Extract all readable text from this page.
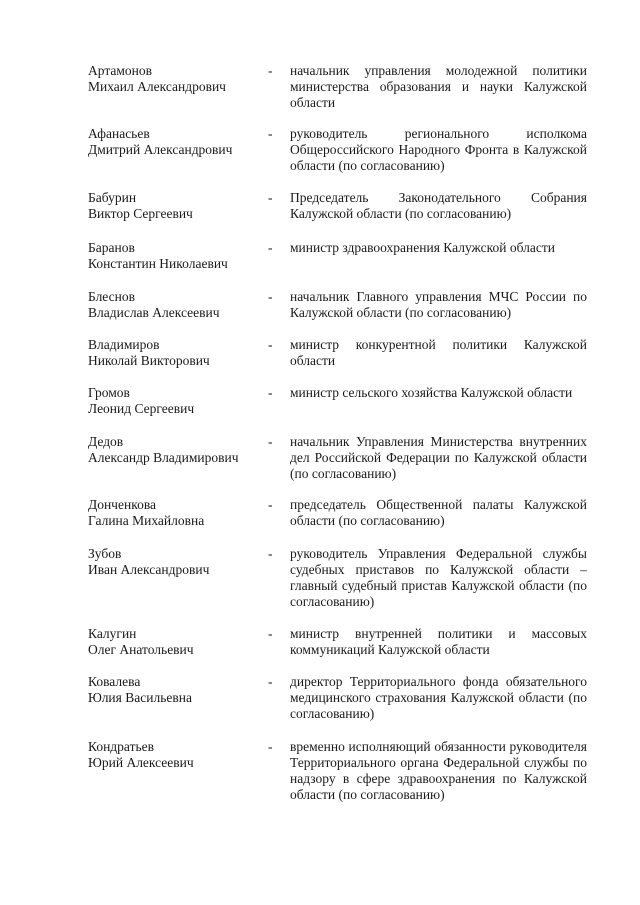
Артамонов
Михаил Александрович
- начальник управления молодежной политики министерства образования и науки Калужской области
Афанасьев
Дмитрий Александрович
- руководитель регионального исполкома Общероссийского Народного Фронта в Калужской области (по согласованию)
Бабурин
Виктор Сергеевич
- Председатель Законодательного Собрания Калужской области (по согласованию)
Баранов
Константин Николаевич
- министр здравоохранения Калужской области
Блеснов
Владислав Алексеевич
- начальник Главного управления МЧС России по Калужской области (по согласованию)
Владимиров
Николай Викторович
- министр конкурентной политики Калужской области
Громов
Леонид Сергеевич
- министр сельского хозяйства Калужской области
Дедов
Александр Владимирович
- начальник Управления Министерства внутренних дел Российской Федерации по Калужской области (по согласованию)
Донченкова
Галина Михайловна
- председатель Общественной палаты Калужской области (по согласованию)
Зубов
Иван Александрович
- руководитель Управления Федеральной службы судебных приставов по Калужской области – главный судебный пристав Калужской области (по согласованию)
Калугин
Олег Анатольевич
- министр внутренней политики и массовых коммуникаций Калужской области
Ковалева
Юлия Васильевна
- директор Территориального фонда обязательного медицинского страхования Калужской области (по согласованию)
Кондратьев
Юрий Алексеевич
- временно исполняющий обязанности руководителя Территориального органа Федеральной службы по надзору в сфере здравоохранения по Калужской области (по согласованию)
